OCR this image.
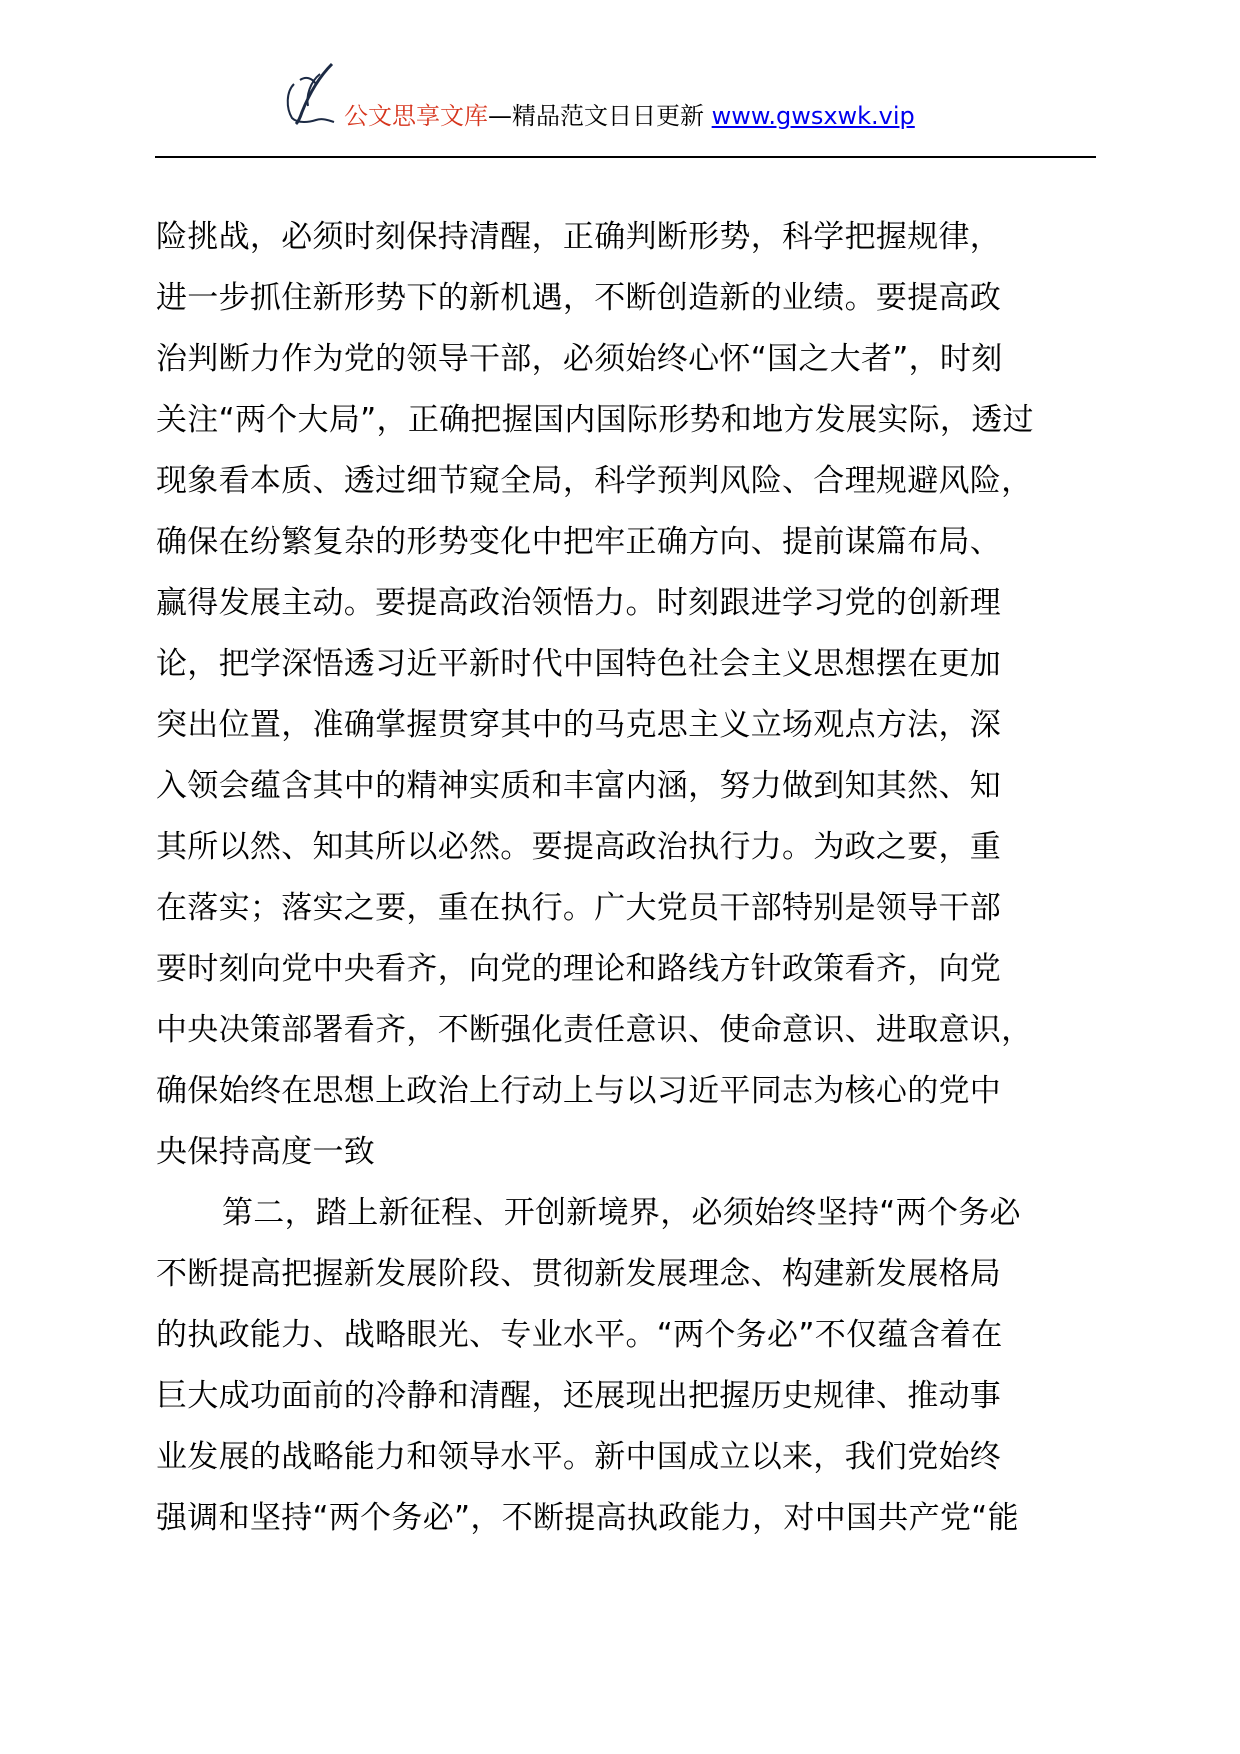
公文思享文库—精品范文日日更新 www.gwsxwk.vip
险挑战，必须时刻保持清醒，正确判断形势，科学把握规律，
进一步抓住新形势下的新机遇，不断创造新的业绩。要提高政
治判断力作为党的领导干部，必须始终心怀“国之大者”，时刻
关注“两个大局”，正确把握国内国际形势和地方发展实际，透过
现象看本质、透过细节窥全局，科学预判风险、合理规避风险，
确保在纷繁复杂的形势变化中把牢正确方向、提前谋篇布局、
赢得发展主动。要提高政治领悟力。时刻跟进学习党的创新理
论，把学深悟透习近平新时代中国特色社会主义思想摆在更加
突出位置，准确掌握贯穿其中的马克思主义立场观点方法，深
入领会蕴含其中的精神实质和丰富内涵，努力做到知其然、知
其所以然、知其所以必然。要提高政治执行力。为政之要，重
在落实；落实之要，重在执行。广大党员干部特别是领导干部
要时刻向党中央看齐，向党的理论和路线方针政策看齐，向党
中央决策部署看齐，不断强化责任意识、使命意识、进取意识，
确保始终在思想上政治上行动上与以习近平同志为核心的党中
央保持高度一致
第二，踏上新征程、开创新境界，必须始终坚持“两个务必
不断提高把握新发展阶段、贯彻新发展理念、构建新发展格局
的执政能力、战略眼光、专业水平。“两个务必”不仅蕴含着在
巨大成功面前的冷静和清醒，还展现出把握历史规律、推动事
业发展的战略能力和领导水平。新中国成立以来，我们党始终
强调和坚持“两个务必”，不断提高执政能力，对中国共产党“能
